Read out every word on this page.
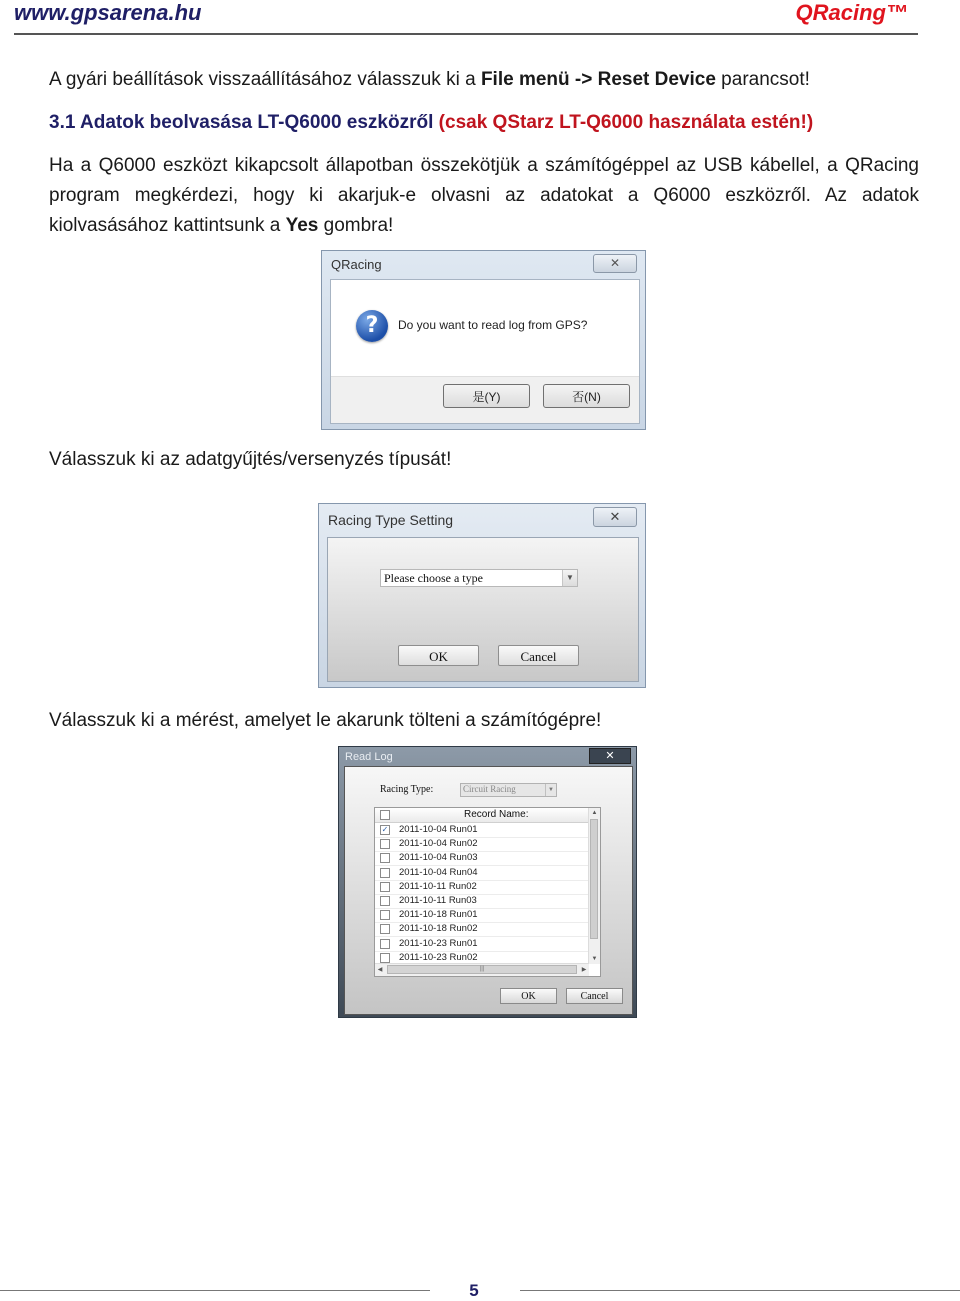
www.gpsarena.hu	QRacing™
A gyári beállítások visszaállításához válasszuk ki a File menü -> Reset Device parancsot!
3.1 Adatok beolvasása LT-Q6000 eszközről (csak QStarz LT-Q6000 használata estén!)
Ha a Q6000 eszközt kikapcsolt állapotban összekötjük a számítógéppel az USB kábellel, a QRacing program megkérdezi, hogy ki akarjuk-e olvasni az adatokat a Q6000 eszközről. Az adatok kiolvasásához kattintsunk a Yes gombra!
QRacing	✕
?	Do you want to read log from GPS?
是(Y)	否(N)
Válasszuk ki az adatgyűjtés/versenyzés típusát!
Racing Type Setting	✕
Please choose a type	▼
OK	Cancel
Válasszuk ki a mérést, amelyet le akarunk tölteni a számítógépre!
Read Log	✕
Racing Type:	Circuit Racing	▼
Record Name:
✓ 2011-10-04 Run01
2011-10-04 Run02
2011-10-04 Run03
2011-10-04 Run04
2011-10-11 Run02
2011-10-11 Run03
2011-10-18 Run01
2011-10-18 Run02
2011-10-23 Run01
2011-10-23 Run02
▲
▼
◀	|||	▶
OK	Cancel
5
